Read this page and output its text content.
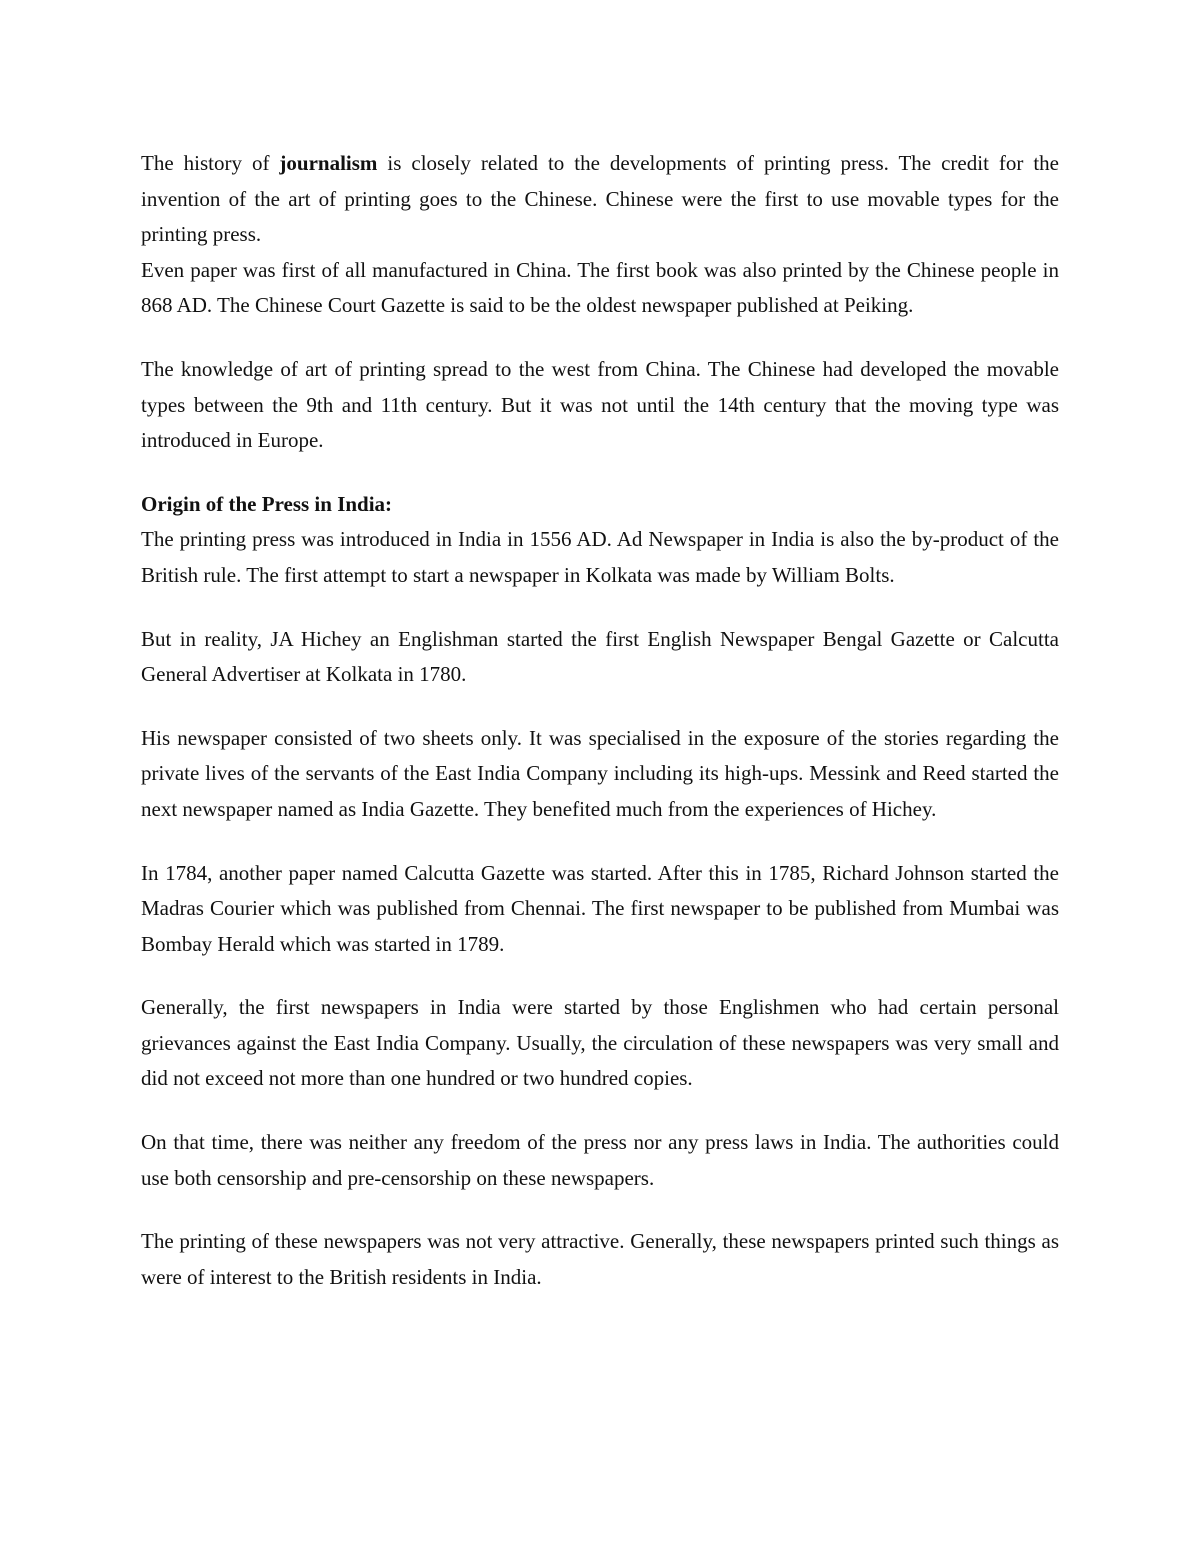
The history of journalism is closely related to the developments of printing press. The credit for the invention of the art of printing goes to the Chinese. Chinese were the first to use movable types for the printing press.

Even paper was first of all manufactured in China. The first book was also printed by the Chinese people in 868 AD. The Chinese Court Gazette is said to be the oldest newspaper published at Peiking.

The knowledge of art of printing spread to the west from China. The Chinese had developed the movable types between the 9th and 11th century. But it was not until the 14th century that the moving type was introduced in Europe.

Origin of the Press in India:

The printing press was introduced in India in 1556 AD. Ad Newspaper in India is also the by-product of the British rule. The first attempt to start a newspaper in Kolkata was made by William Bolts.

But in reality, JA Hichey an Englishman started the first English Newspaper Bengal Gazette or Calcutta General Advertiser at Kolkata in 1780.

His newspaper consisted of two sheets only. It was specialised in the exposure of the stories regarding the private lives of the servants of the East India Company including its high-ups. Messink and Reed started the next newspaper named as India Gazette. They benefited much from the experiences of Hichey.

In 1784, another paper named Calcutta Gazette was started. After this in 1785, Richard Johnson started the Madras Courier which was published from Chennai. The first newspaper to be published from Mumbai was Bombay Herald which was started in 1789.

Generally, the first newspapers in India were started by those Englishmen who had certain personal grievances against the East India Company. Usually, the circulation of these newspapers was very small and did not exceed not more than one hundred or two hundred copies.

On that time, there was neither any freedom of the press nor any press laws in India. The authorities could use both censorship and pre-censorship on these newspapers.

The printing of these newspapers was not very attractive. Generally, these newspapers printed such things as were of interest to the British residents in India.
